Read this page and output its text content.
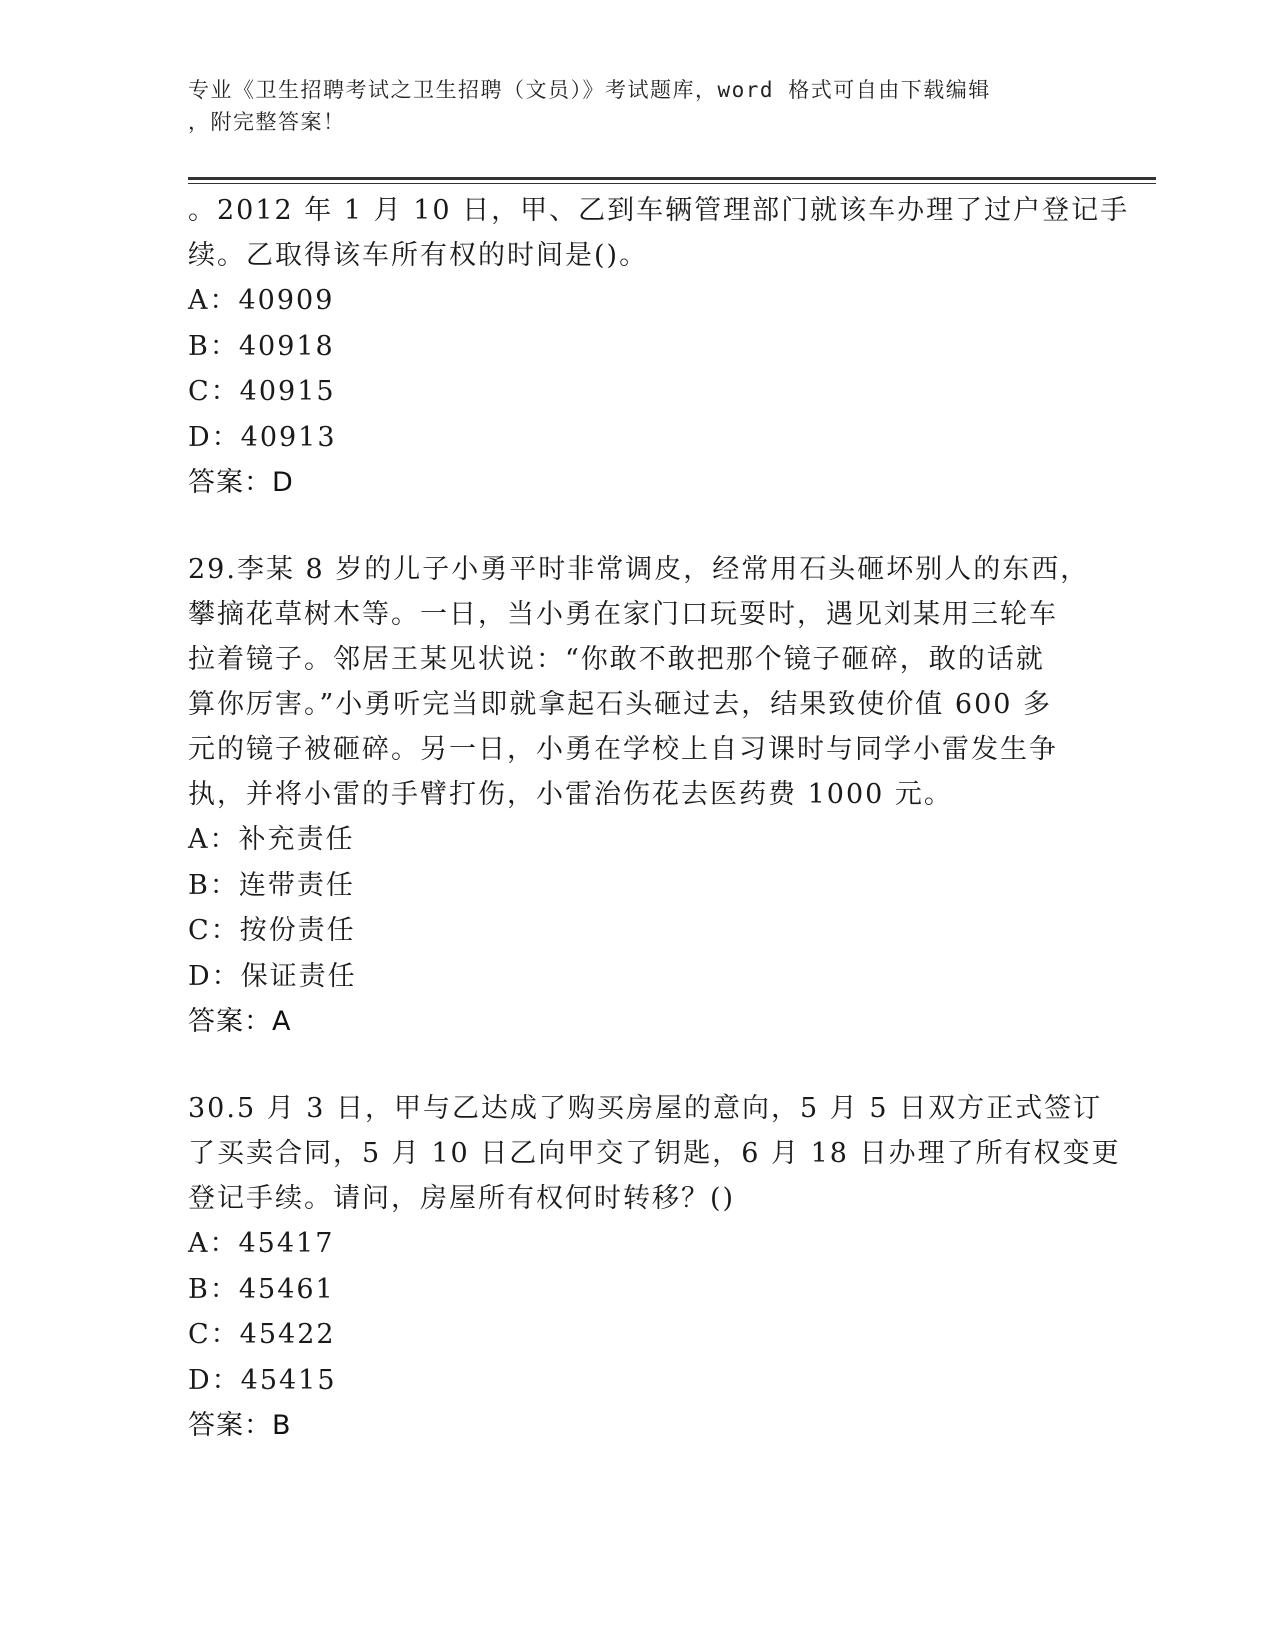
专业《卫生招聘考试之卫生招聘（文员）》考试题库，word 格式可自由下载编辑
，附完整答案！
。2012 年 1 月 10 日，甲、乙到车辆管理部门就该车办理了过户登记手
续。乙取得该车所有权的时间是()。
A：40909
B：40918
C：40915
D：40913
答案：D
29.李某 8 岁的儿子小勇平时非常调皮，经常用石头砸坏别人的东西，
攀摘花草树木等。一日，当小勇在家门口玩耍时，遇见刘某用三轮车
拉着镜子。邻居王某见状说：“你敢不敢把那个镜子砸碎，敢的话就
算你厉害。”小勇听完当即就拿起石头砸过去，结果致使价值 600 多
元的镜子被砸碎。另一日，小勇在学校上自习课时与同学小雷发生争
执，并将小雷的手臂打伤，小雷治伤花去医药费 1000 元。
A：补充责任
B：连带责任
C：按份责任
D：保证责任
答案：A
30.5 月 3 日，甲与乙达成了购买房屋的意向，5 月 5 日双方正式签订
了买卖合同，5 月 10 日乙向甲交了钥匙，6 月 18 日办理了所有权变更
登记手续。请问，房屋所有权何时转移？()
A：45417
B：45461
C：45422
D：45415
答案：B
